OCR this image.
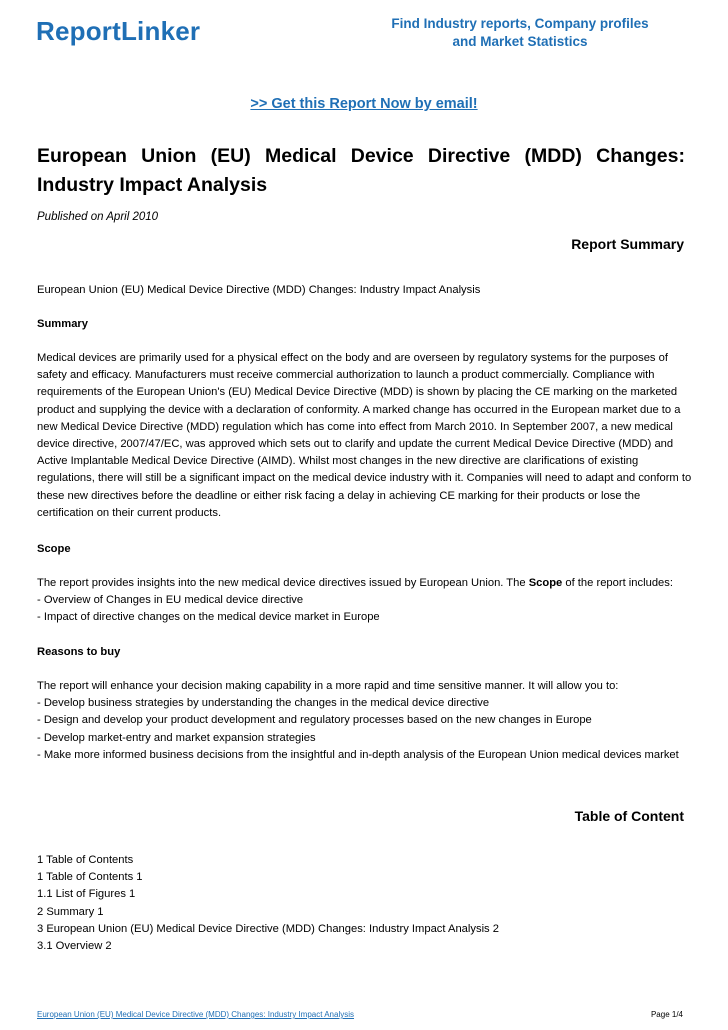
ReportLinker	Find Industry reports, Company profiles
and Market Statistics
>> Get this Report Now by email!
European Union (EU) Medical Device Directive (MDD) Changes: Industry Impact Analysis
Published on April 2010
Report Summary

European Union (EU) Medical Device Directive (MDD) Changes: Industry Impact Analysis

Summary

Medical devices are primarily used for a physical effect on the body and are overseen by regulatory systems for the purposes of safety and efficacy. Manufacturers must receive commercial authorization to launch a product commercially. Compliance with requirements of the European Union's (EU) Medical Device Directive (MDD) is shown by placing the CE marking on the marketed product and supplying the device with a declaration of conformity. A marked change has occurred in the European market due to a new Medical Device Directive (MDD) regulation which has come into effect from March 2010. In September 2007, a new medical device directive, 2007/47/EC, was approved which sets out to clarify and update the current Medical Device Directive (MDD) and Active Implantable Medical Device Directive (AIMD). Whilst most changes in the new directive are clarifications of existing regulations, there will still be a significant impact on the medical device industry with it. Companies will need to adapt and conform to these new directives before the deadline or either risk facing a delay in achieving CE marking for their products or lose the certification on their current products.

Scope

The report provides insights into the new medical device directives issued by European Union. The Scope of the report includes:

- Overview of Changes in EU medical device directive

- Impact of directive changes on the medical device market in Europe

Reasons to buy

The report will enhance your decision making capability in a more rapid and time sensitive manner. It will allow you to:

- Develop business strategies by understanding the changes in the medical device directive

- Design and develop your product development and regulatory processes based on the new changes in Europe

- Develop market-entry and market expansion strategies

- Make more informed business decisions from the insightful and in-depth analysis of the European Union medical devices market

Table of Content
1 Table of Contents
1 Table of Contents 1
1.1 List of Figures 1
2 Summary 1
3 European Union (EU) Medical Device Directive (MDD) Changes: Industry Impact Analysis 2
3.1 Overview 2
European Union (EU) Medical Device Directive (MDD) Changes: Industry Impact Analysis	Page 1/4
